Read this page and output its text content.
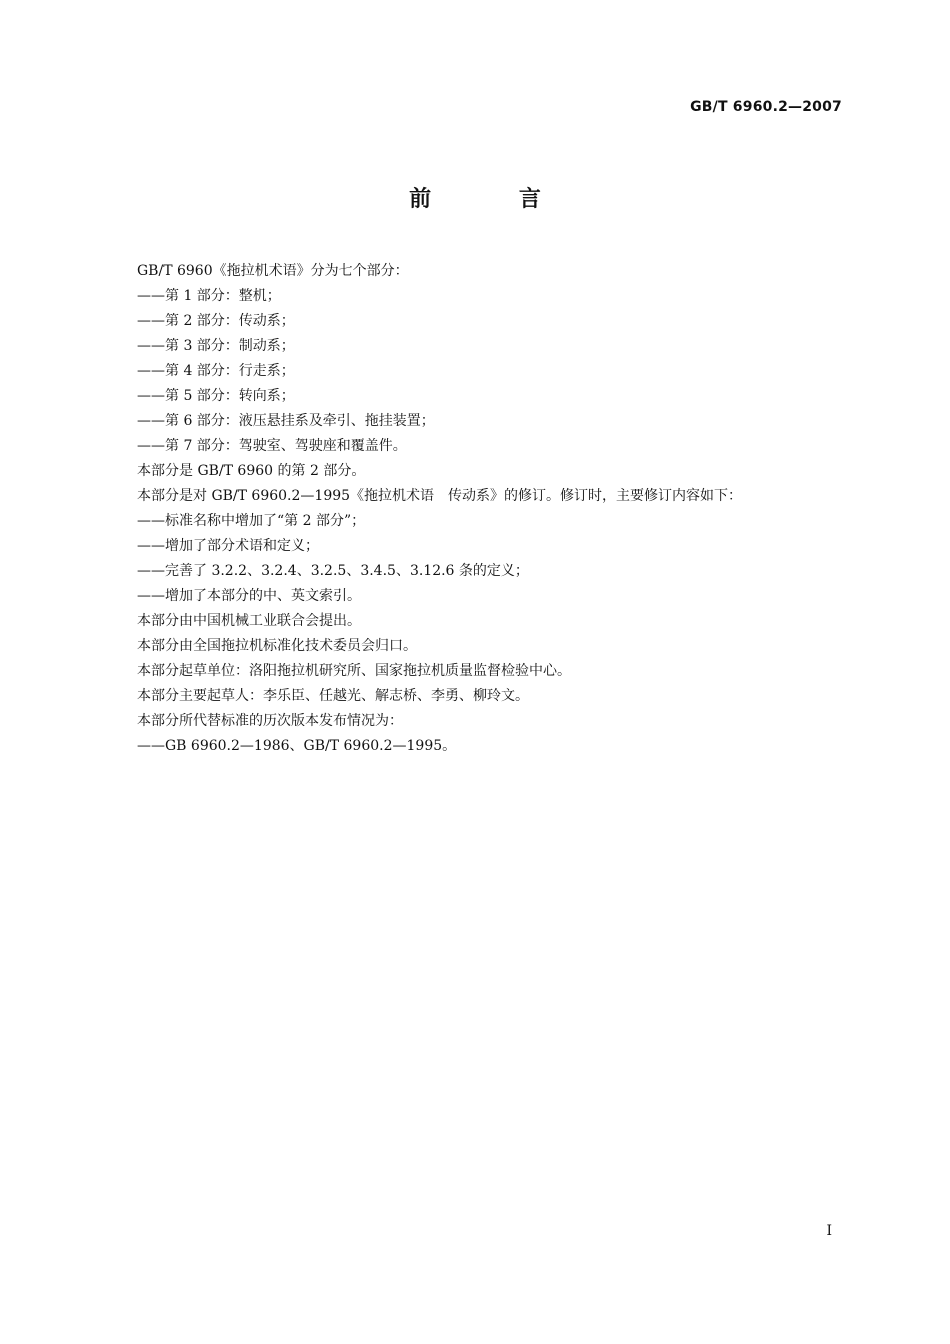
GB/T 6960.2—2007
前 言
GB/T 6960《拖拉机术语》分为七个部分：
——第 1 部分：整机；
——第 2 部分：传动系；
——第 3 部分：制动系；
——第 4 部分：行走系；
——第 5 部分：转向系；
——第 6 部分：液压悬挂系及牵引、拖挂装置；
——第 7 部分：驾驶室、驾驶座和覆盖件。
本部分是 GB/T 6960 的第 2 部分。
本部分是对 GB/T 6960.2—1995《拖拉机术语　传动系》的修订。修订时，主要修订内容如下：
——标准名称中增加了“第 2 部分”；
——增加了部分术语和定义；
——完善了 3.2.2、3.2.4、3.2.5、3.4.5、3.12.6 条的定义；
——增加了本部分的中、英文索引。
本部分由中国机械工业联合会提出。
本部分由全国拖拉机标准化技术委员会归口。
本部分起草单位：洛阳拖拉机研究所、国家拖拉机质量监督检验中心。
本部分主要起草人：李乐臣、任越光、解志桥、李勇、柳玲文。
本部分所代替标准的历次版本发布情况为：
——GB 6960.2—1986、GB/T 6960.2—1995。
I
